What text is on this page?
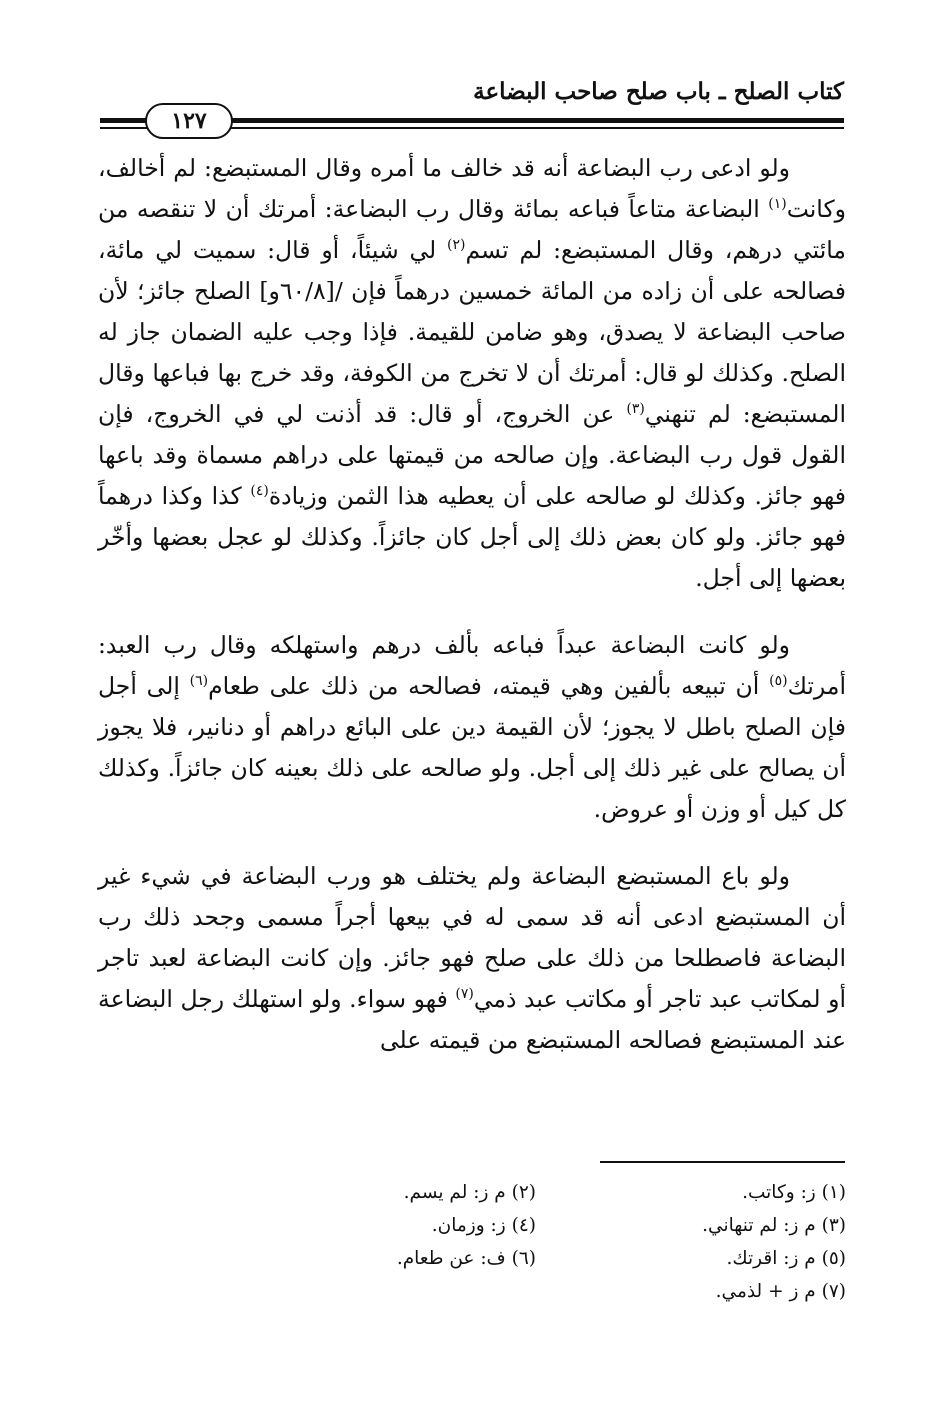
كتاب الصلح ـ باب صلح صاحب البضاعة
١٢٧

ولو ادعى رب البضاعة أنه قد خالف ما أمره وقال المستبضع: لم أخالف، وكانت$^{(١)}$ البضاعة متاعاً فباعه بمائة وقال رب البضاعة: أمرتك أن لا تنقصه من مائتي درهم، وقال المستبضع: لم تسم$^{(٢)}$ لي شيئاً، أو قال: سميت لي مائة، فصالحه على أن زاده من المائة خمسين درهماً فإن /[٦٠/٨و] الصلح جائز؛ لأن صاحب البضاعة لا يصدق، وهو ضامن للقيمة. فإذا وجب عليه الضمان جاز له الصلح. وكذلك لو قال: أمرتك أن لا تخرج من الكوفة، وقد خرج بها فباعها وقال المستبضع: لم تنهني$^{(٣)}$ عن الخروج، أو قال: قد أذنت لي في الخروج، فإن القول قول رب البضاعة. وإن صالحه من قيمتها على دراهم مسماة وقد باعها فهو جائز. وكذلك لو صالحه على أن يعطيه هذا الثمن وزيادة$^{(٤)}$ كذا وكذا درهماً فهو جائز. ولو كان بعض ذلك إلى أجل كان جائزاً. وكذلك لو عجل بعضها وأخّر بعضها إلى أجل.

ولو كانت البضاعة عبداً فباعه بألف درهم واستهلكه وقال رب العبد: أمرتك$^{(٥)}$ أن تبيعه بألفين وهي قيمته، فصالحه من ذلك على طعام$^{(٦)}$ إلى أجل فإن الصلح باطل لا يجوز؛ لأن القيمة دين على البائع دراهم أو دنانير، فلا يجوز أن يصالح على غير ذلك إلى أجل. ولو صالحه على ذلك بعينه كان جائزاً. وكذلك كل كيل أو وزن أو عروض.

ولو باع المستبضع البضاعة ولم يختلف هو ورب البضاعة في شيء غير أن المستبضع ادعى أنه قد سمى له في بيعها أجراً مسمى وجحد ذلك رب البضاعة فاصطلحا من ذلك على صلح فهو جائز. وإن كانت البضاعة لعبد تاجر أو لمكاتب عبد تاجر أو مكاتب عبد ذمي$^{(٧)}$ فهو سواء. ولو استهلك رجل البضاعة عند المستبضع فصالحه المستبضع من قيمته على

(١) ز: وكاتب.
(٢) م ز: لم يسم.
(٣) م ز: لم تنهاني.
(٤) ز: وزمان.
(٥) م ز: اقرتك.
(٦) ف: عن طعام.
(٧) م ز + لذمي.
